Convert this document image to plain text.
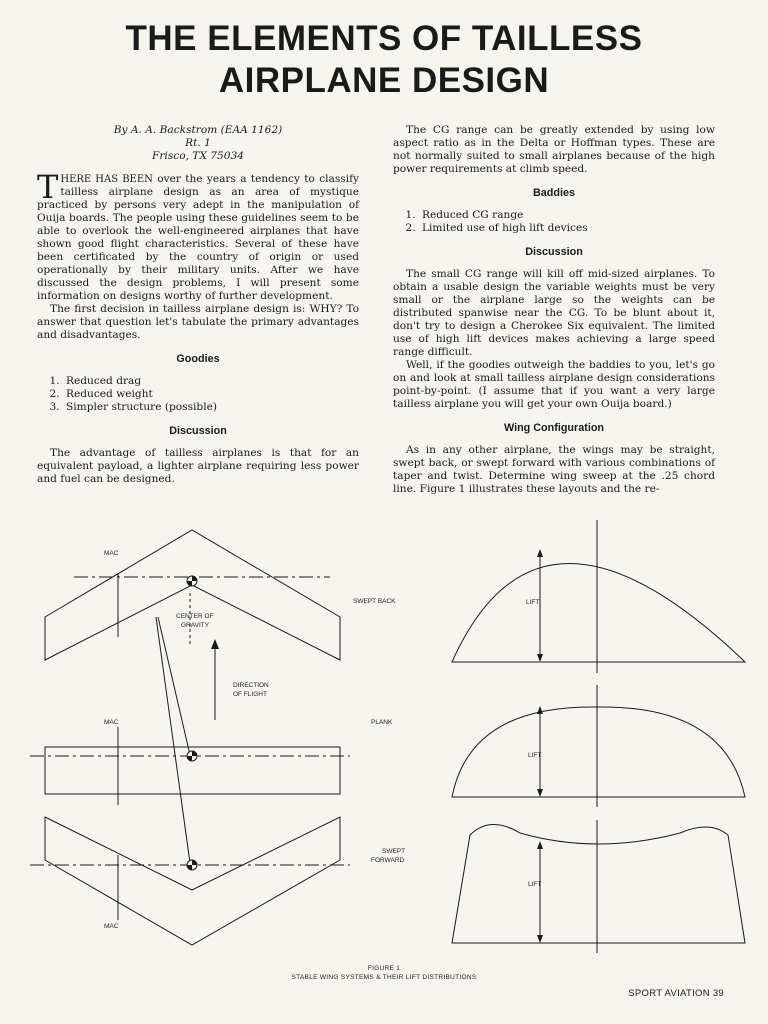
THE ELEMENTS OF TAILLESS
AIRPLANE DESIGN
By A. A. Backstrom (EAA 1162)
Rt. 1
Frisco, TX 75034

THERE HAS BEEN over the years a tendency to classify tailless airplane design as an area of mystique practiced by persons very adept in the manipulation of Ouija boards. The people using these guidelines seem to be able to overlook the well-engineered airplanes that have shown good flight characteristics. Several of these have been certificated by the country of origin or used operationally by their military units. After we have discussed the design problems, I will present some information on designs worthy of further development.

The first decision in tailless airplane design is: WHY? To answer that question let's tabulate the primary advantages and disadvantages.

Goodies
1. Reduced drag
2. Reduced weight
3. Simpler structure (possible)
Discussion

The advantage of tailless airplanes is that for an equivalent payload, a lighter airplane requiring less power and fuel can be designed.

The CG range can be greatly extended by using low aspect ratio as in the Delta or Hoffman types. These are not normally suited to small airplanes because of the high power requirements at climb speed.

Baddies
1. Reduced CG range
2. Limited use of high lift devices
Discussion

The small CG range will kill off mid-sized airplanes. To obtain a usable design the variable weights must be very small or the airplane large so the weights can be distributed spanwise near the CG. To be blunt about it, don't try to design a Cherokee Six equivalent. The limited use of high lift devices makes achieving a large speed range difficult.

Well, if the goodies outweigh the baddies to you, let's go on and look at small tailless airplane design considerations point-by-point. (I assume that if you want a very large tailless airplane you will get your own Ouija board.)

Wing Configuration

As in any other airplane, the wings may be straight, swept back, or swept forward with various combinations of taper and twist. Determine wing sweep at the .25 chord line. Figure 1 illustrates these layouts and the re-

MAC
MAC
MAC
CENTER OF
GRAVITY
DIRECTION
OF FLIGHT
SWEPT BACK
PLANK
SWEPT
FORWARD
LIFT
LIFT
LIFT
FIGURE 1
STABLE WING SYSTEMS & THEIR LIFT DISTRIBUTIONS
SPORT AVIATION 39
